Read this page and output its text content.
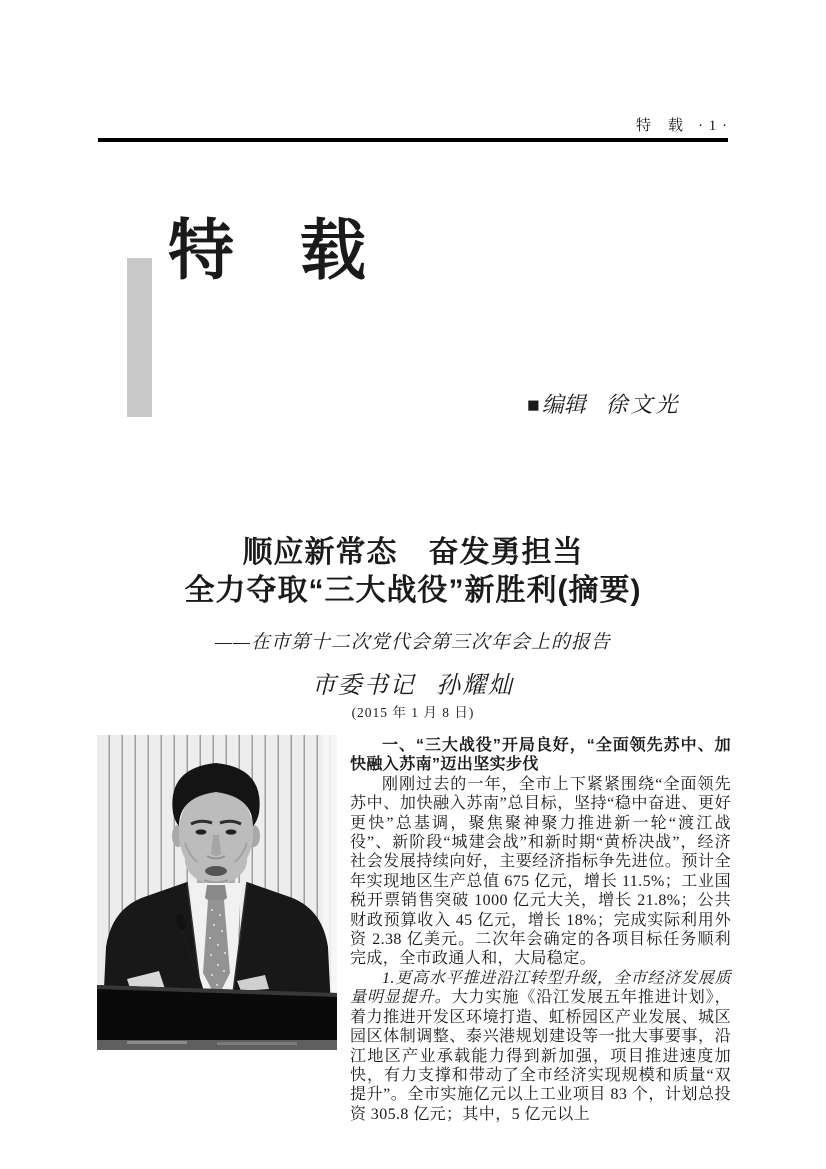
特　载 · 1 ·
特　载
■编辑 徐文光
顺应新常态　奋发勇担当
全力夺取“三大战役”新胜利(摘要)
——在市第十二次党代会第三次年会上的报告
市委书记 孙耀灿
(2015 年 1 月 8 日)

一、“三大战役”开局良好，“全面领先苏中、加快融入苏南”迈出坚实步伐

刚刚过去的一年，全市上下紧紧围绕“全面领先苏中、加快融入苏南”总目标，坚持“稳中奋进、更好更快”总基调，聚焦聚神聚力推进新一轮“渡江战役”、新阶段“城建会战”和新时期“黄桥决战”，经济社会发展持续向好，主要经济指标争先进位。预计全年实现地区生产总值 675 亿元，增长 11.5%；工业国税开票销售突破 1000 亿元大关，增长 21.8%；公共财政预算收入 45 亿元，增长 18%；完成实际利用外资 2.38 亿美元。二次年会确定的各项目标任务顺利完成，全市政通人和，大局稳定。

1.更高水平推进沿江转型升级，全市经济发展质量明显提升。大力实施《沿江发展五年推进计划》，着力推进开发区环境打造、虹桥园区产业发展、城区园区体制调整、泰兴港规划建设等一批大事要事，沿江地区产业承载能力得到新加强，项目推进速度加快，有力支撑和带动了全市经济实现规模和质量“双提升”。全市实施亿元以上工业项目 83 个，计划总投资 305.8 亿元；其中，5 亿元以上
